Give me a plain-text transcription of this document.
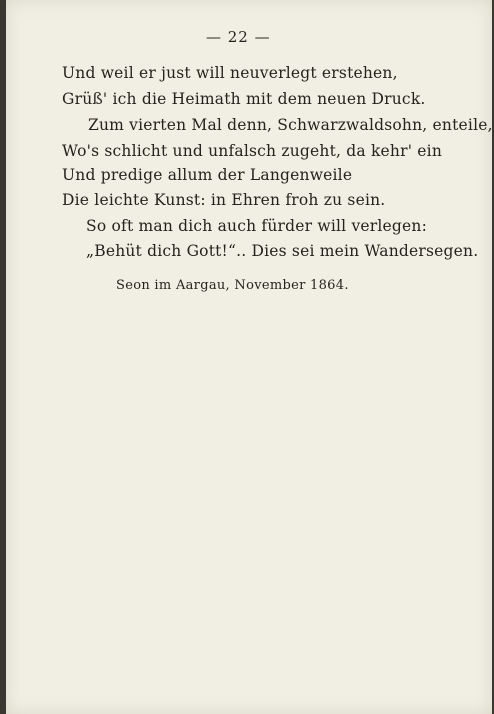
— 22 —
Und weil er just will neuverlegt erstehen,
Grüß' ich die Heimath mit dem neuen Druck.
Zum vierten Mal denn, Schwarzwaldsohn, enteile,
Wo's schlicht und unfalsch zugeht, da kehr' ein
Und predige allum der Langenweile
Die leichte Kunst: in Ehren froh zu sein.
So oft man dich auch fürder will verlegen:
„Behüt dich Gott!“.. Dies sei mein Wandersegen.
Seon im Aargau, November 1864.
